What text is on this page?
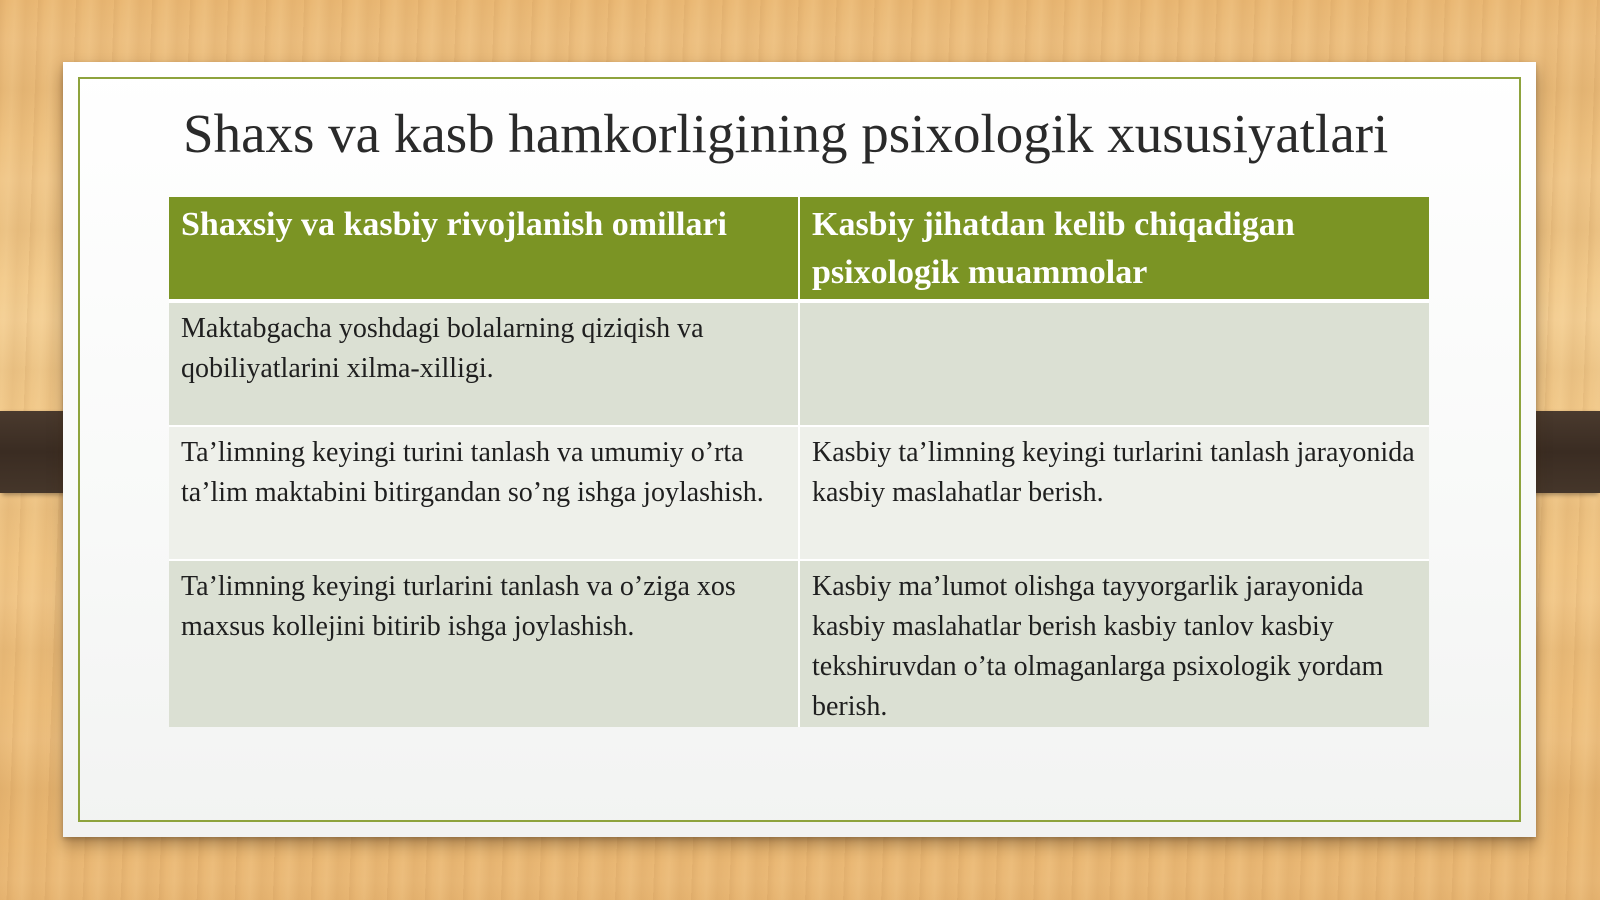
Shaxs va kasb hamkorligining psixologik xususiyatlari
Shaxsiy va kasbiy rivojlanish omillari	Kasbiy jihatdan kelib chiqadigan psixologik muammolar
Maktabgacha yoshdagi bolalarning qiziqish va qobiliyatlarini xilma-xilligi.	
Ta’limning keyingi turini tanlash va umumiy o’rta ta’lim maktabini bitirgandan so’ng ishga joylashish.	Kasbiy ta’limning keyingi turlarini tanlash jarayonida kasbiy maslahatlar berish.
Ta’limning keyingi turlarini tanlash va o’ziga xos maxsus kollejini bitirib ishga joylashish.	Kasbiy ma’lumot olishga tayyorgarlik jarayonida kasbiy maslahatlar berish kasbiy tanlov kasbiy tekshiruvdan o’ta olmaganlarga psixologik yordam berish.
